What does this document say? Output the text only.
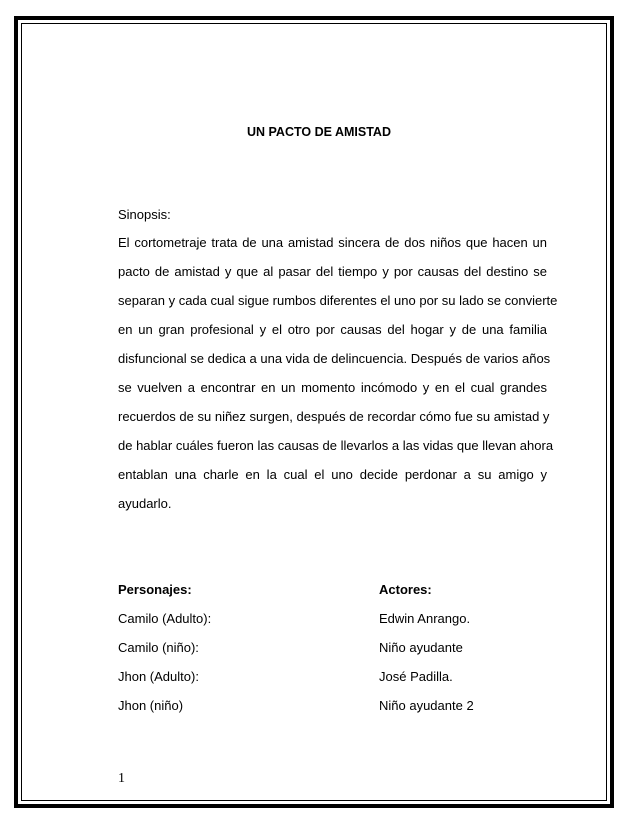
UN PACTO DE AMISTAD
Sinopsis:
El cortometraje trata de una amistad sincera de dos niños que hacen un
pacto de amistad y que al pasar del tiempo y por causas del destino se
separan y cada cual sigue rumbos diferentes el uno por su lado se convierte
en un gran profesional y el otro por causas del hogar y de una familia
disfuncional se dedica a una vida de delincuencia. Después de varios años
se vuelven a encontrar en un momento incómodo y en el cual grandes
recuerdos de su niñez surgen, después de recordar cómo fue su amistad y
de hablar cuáles fueron las causas de llevarlos a las vidas que llevan ahora
entablan una charle en la cual el uno decide perdonar a su amigo y
ayudarlo.
Personajes:	Actores:
Camilo (Adulto):	Edwin Anrango.
Camilo (niño):	Niño ayudante
Jhon (Adulto):	José Padilla.
Jhon (niño)	Niño ayudante 2
1
